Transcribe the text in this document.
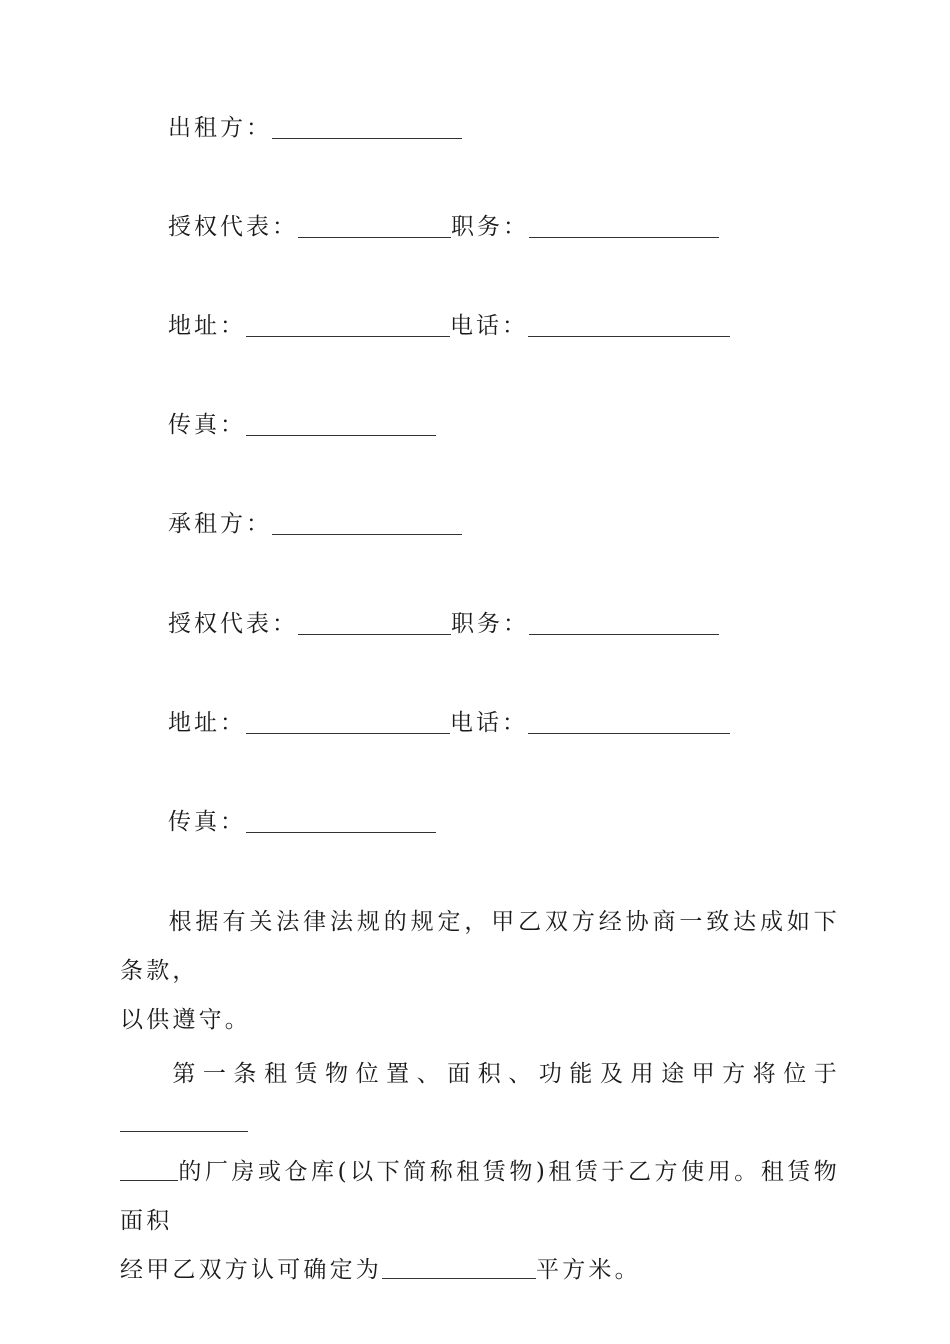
出租方：
授权代表：	职务：
地址：	电话：
传真：
承租方：
授权代表：	职务：
地址：	电话：
传真：
根据有关法律法规的规定，甲乙双方经协商一致达成如下条款，
以供遵守。
第一条租赁物位置、面积、功能及用途甲方将位于
的厂房或仓库(以下简称租赁物)租赁于乙方使用。租赁物面积
经甲乙双方认可确定为	平方米。
